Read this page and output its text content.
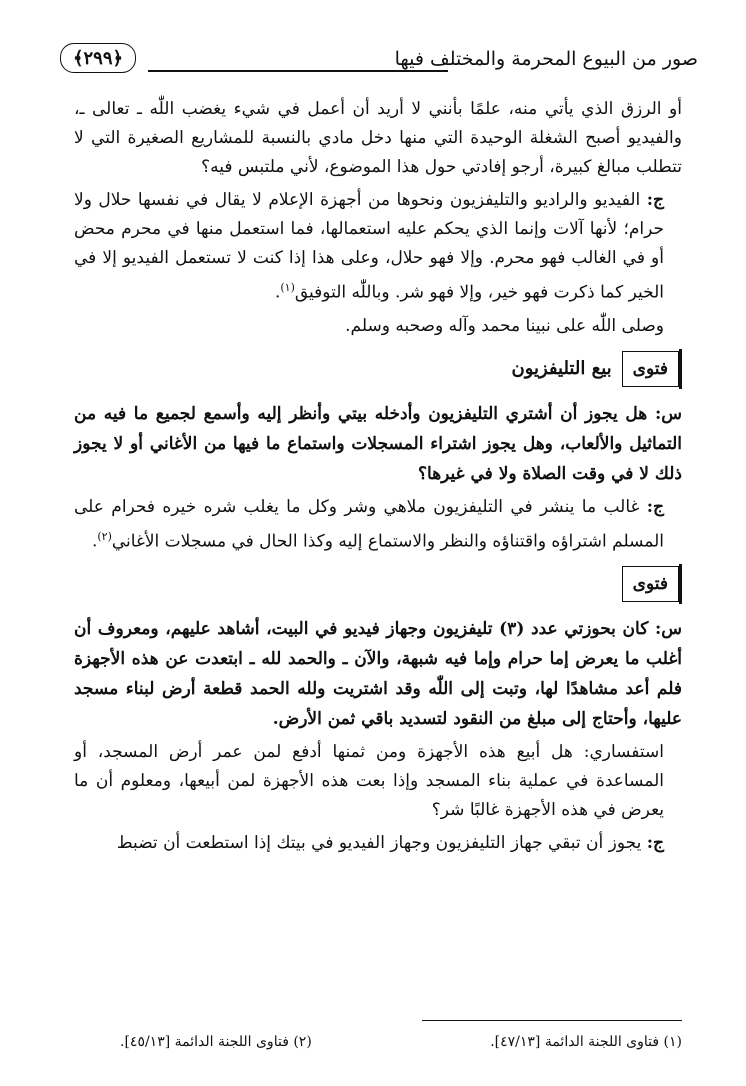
صور من البيوع المحرمة والمختلف فيها
﴿٢٩٩﴾

أو الرزق الذي يأتي منه، علمًا بأنني لا أريد أن أعمل في شيء يغضب اللّٰه ـ تعالى ـ، والفيديو أصبح الشغلة الوحيدة التي منها دخل مادي بالنسبة للمشاريع الصغيرة التي لا تتطلب مبالغ كبيرة، أرجو إفادتي حول هذا الموضوع، لأني ملتبس فيه؟

ج: الفيديو والراديو والتليفزيون ونحوها من أجهزة الإعلام لا يقال في نفسها حلال ولا حرام؛ لأنها آلات وإنما الذي يحكم عليه استعمالها، فما استعمل منها في محرم محض أو في الغالب فهو محرم. وإلا فهو حلال، وعلى هذا إذا كنت لا تستعمل الفيديو إلا في الخير كما ذكرت فهو خير، وإلا فهو شر. وباللّٰه التوفيق$^{(١)}$.

وصلى اللّٰه على نبينا محمد وآله وصحبه وسلم.

فتوى
بيع التليفزيون

س: هل يجوز أن أشتري التليفزيون وأدخله بيتي وأنظر إليه وأسمع لجميع ما فيه من التماثيل والألعاب، وهل يجوز اشتراء المسجلات واستماع ما فيها من الأغاني أو لا يجوز ذلك لا في وقت الصلاة ولا في غيرها؟

ج: غالب ما ينشر في التليفزيون ملاهي وشر وكل ما يغلب شره خيره فحرام على المسلم اشتراؤه واقتناؤه والنظر والاستماع إليه وكذا الحال في مسجلات الأغاني$^{(٢)}$.

فتوى

س: كان بحوزتي عدد (٣) تليفزيون وجهاز فيديو في البيت، أشاهد عليهم، ومعروف أن أغلب ما يعرض إما حرام وإما فيه شبهة، والآن ـ والحمد لله ـ ابتعدت عن هذه الأجهزة فلم أعد مشاهدًا لها، وتبت إلى اللّٰه وقد اشتريت ولله الحمد قطعة أرض لبناء مسجد عليها، وأحتاج إلى مبلغ من النقود لتسديد باقي ثمن الأرض.

استفساري: هل أبيع هذه الأجهزة ومن ثمنها أدفع لمن عمر أرض المسجد، أو المساعدة في عملية بناء المسجد وإذا بعت هذه الأجهزة لمن أبيعها، ومعلوم أن ما يعرض في هذه الأجهزة غالبًا شر؟

ج: يجوز أن تبقي جهاز التليفزيون وجهاز الفيديو في بيتك إذا استطعت أن تضبط

(١) فتاوى اللجنة الدائمة [٤٧/١٣].
(٢) فتاوى اللجنة الدائمة [٤٥/١٣].
